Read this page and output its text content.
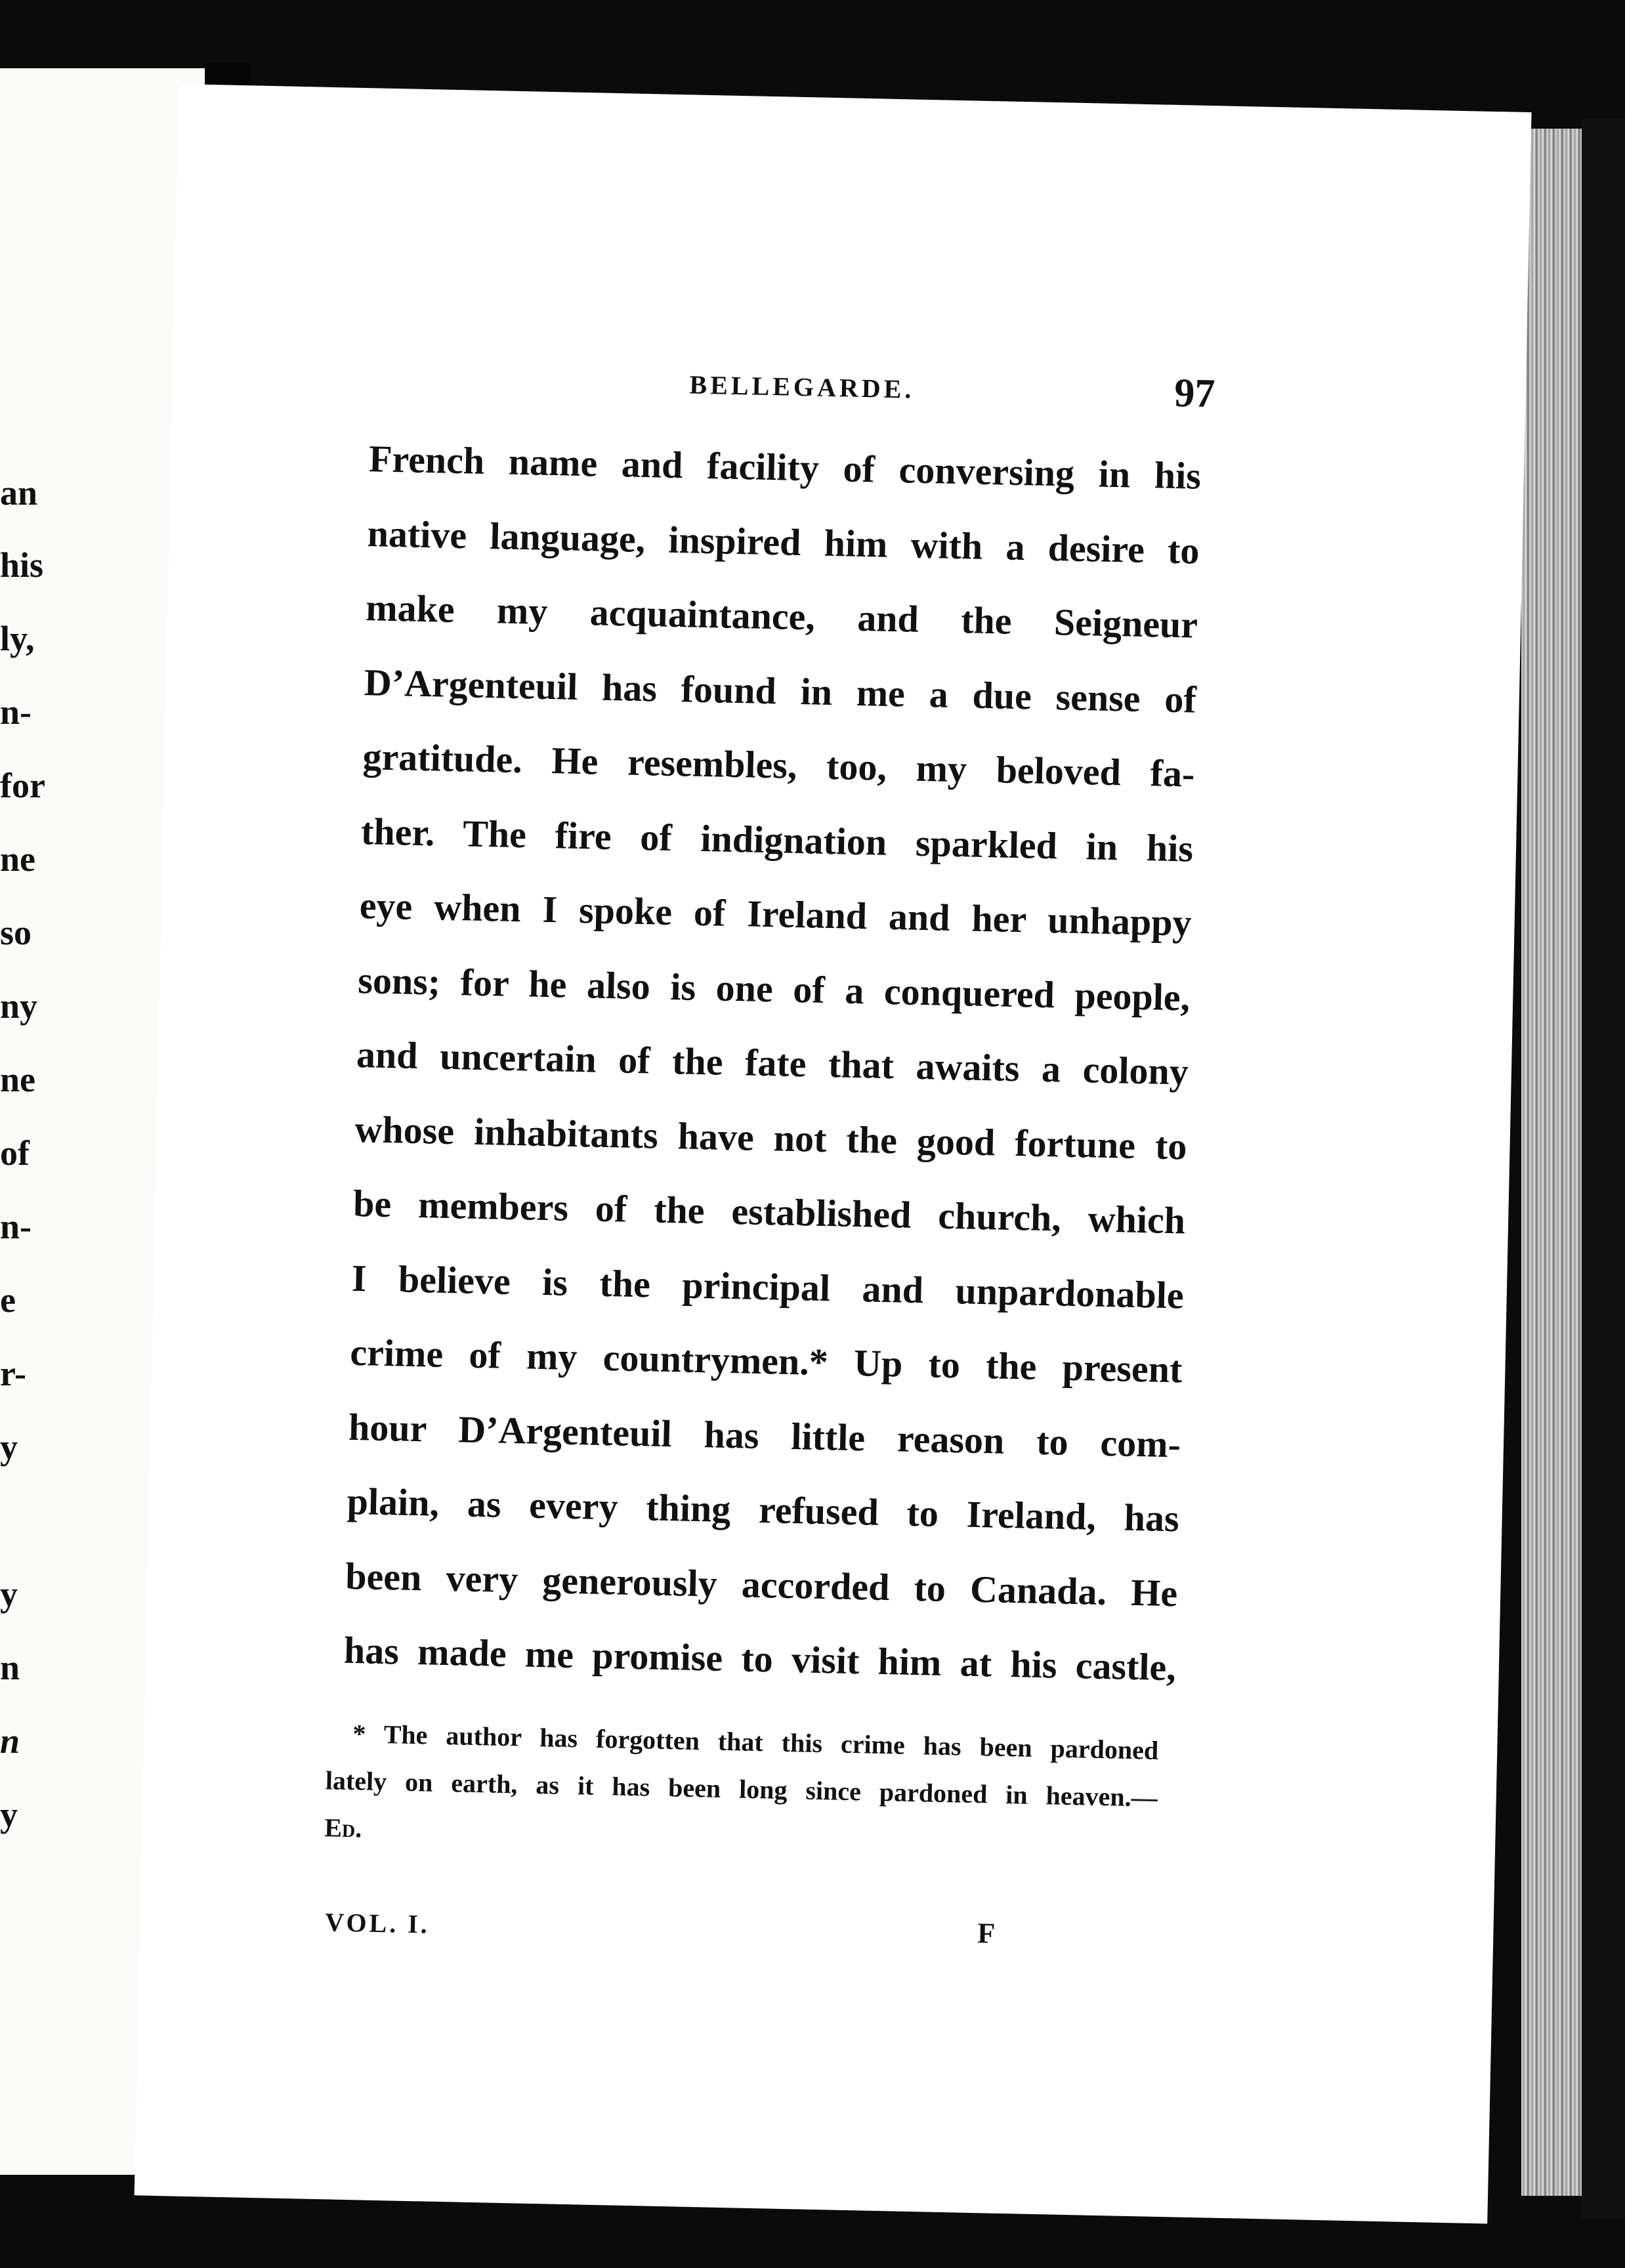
an
his
ly,
n-
for
ne
so
ny
ne
of
n-
e
r-
y
y
n
n
y
BELLEGARDE.	97
French name and facility of conversing in his
native language, inspired him with a desire to
make my acquaintance, and the Seigneur
D’Argenteuil has found in me a due sense of
gratitude. He resembles, too, my beloved fa-
ther. The fire of indignation sparkled in his
eye when I spoke of Ireland and her unhappy
sons; for he also is one of a conquered people,
and uncertain of the fate that awaits a colony
whose inhabitants have not the good fortune to
be members of the established church, which
I believe is the principal and unpardonable
crime of my countrymen.* Up to the present
hour D’Argenteuil has little reason to com-
plain, as every thing refused to Ireland, has
been very generously accorded to Canada. He
has made me promise to visit him at his castle,
* The author has forgotten that this crime has been pardoned
lately on earth, as it has been long since pardoned in heaven.—
Ed.
VOL. I.	F
